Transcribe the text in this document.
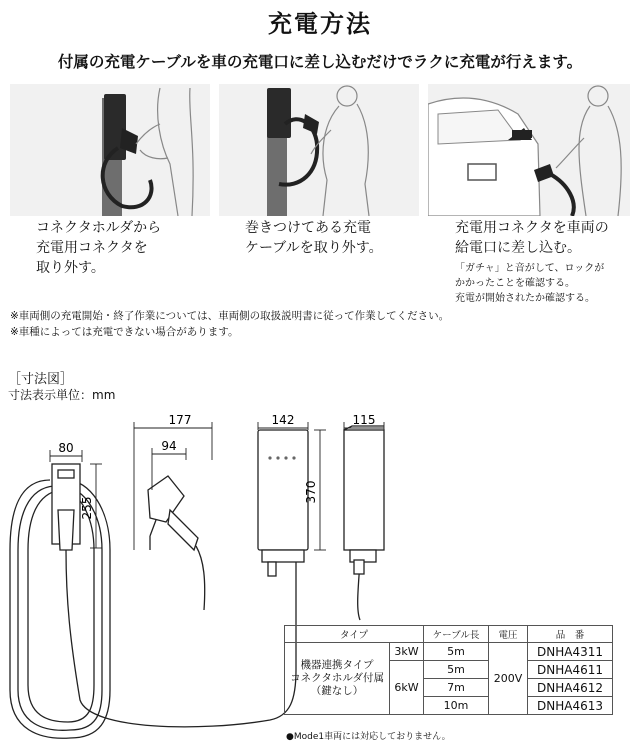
充電方法
付属の充電ケーブルを車の充電口に差し込むだけでラクに充電が行えます。
コネクタホルダから
充電用コネクタを
取り外す。
巻きつけてある充電
ケーブルを取り外す。
充電用コネクタを車両の
給電口に差し込む。
「ガチャ」と音がして、ロックが
かかったことを確認する。
充電が開始されたか確認する。
※車両側の充電開始・終了作業については、車両側の取扱説明書に従って作業してください。
※車種によっては充電できない場合があります。
［寸法図］
寸法表示単位：mm
80
255
177
94
142
370
115
タイプ		ケーブル長	電圧	品　番

機器連携タイプ
コネクタホルダ付属
（鍵なし）	3kW	5m	200V	DNHA4311
	6kW	5m		DNHA4611
		7m		DNHA4612
		10m		DNHA4613
●Mode1車両には対応しておりません。
